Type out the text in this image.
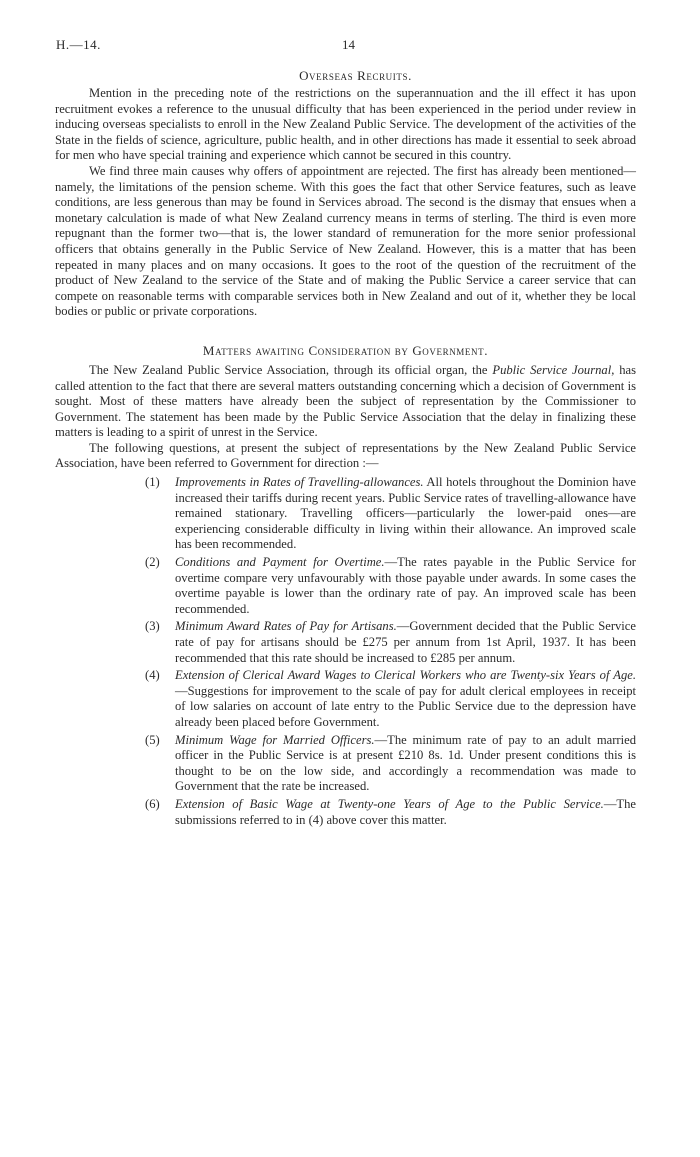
H.—14.	14
Overseas Recruits.

Mention in the preceding note of the restrictions on the superannuation and the ill effect it has upon recruitment evokes a reference to the unusual difficulty that has been experienced in the period under review in inducing overseas specialists to enroll in the New Zealand Public Service. The development of the activities of the State in the fields of science, agriculture, public health, and in other directions has made it essential to seek abroad for men who have special training and experience which cannot be secured in this country.

We find three main causes why offers of appointment are rejected. The first has already been mentioned—namely, the limitations of the pension scheme. With this goes the fact that other Service features, such as leave conditions, are less generous than may be found in Services abroad. The second is the dismay that ensues when a monetary calculation is made of what New Zealand currency means in terms of sterling. The third is even more repugnant than the former two—that is, the lower standard of remuneration for the more senior professional officers that obtains generally in the Public Service of New Zealand. However, this is a matter that has been repeated in many places and on many occasions. It goes to the root of the question of the recruitment of the product of New Zealand to the service of the State and of making the Public Service a career service that can compete on reasonable terms with comparable services both in New Zealand and out of it, whether they be local bodies or public or private corporations.

Matters awaiting Consideration by Government.

The New Zealand Public Service Association, through its official organ, the Public Service Journal, has called attention to the fact that there are several matters outstanding concerning which a decision of Government is sought. Most of these matters have already been the subject of representation by the Commissioner to Government. The statement has been made by the Public Service Association that the delay in finalizing these matters is leading to a spirit of unrest in the Service.

The following questions, at present the subject of representations by the New Zealand Public Service Association, have been referred to Government for direction :—

(1) Improvements in Rates of Travelling-allowances. All hotels throughout the Dominion have increased their tariffs during recent years. Public Service rates of travelling-allowance have remained stationary. Travelling officers—particularly the lower-paid ones—are experiencing considerable difficulty in living within their allowance. An improved scale has been recommended.
(2) Conditions and Payment for Overtime.—The rates payable in the Public Service for overtime compare very unfavourably with those payable under awards. In some cases the overtime payable is lower than the ordinary rate of pay. An improved scale has been recommended.
(3) Minimum Award Rates of Pay for Artisans.—Government decided that the Public Service rate of pay for artisans should be £275 per annum from 1st April, 1937. It has been recommended that this rate should be increased to £285 per annum.
(4) Extension of Clerical Award Wages to Clerical Workers who are Twenty-six Years of Age.—Suggestions for improvement to the scale of pay for adult clerical employees in receipt of low salaries on account of late entry to the Public Service due to the depression have already been placed before Government.
(5) Minimum Wage for Married Officers.—The minimum rate of pay to an adult married officer in the Public Service is at present £210 8s. 1d. Under present conditions this is thought to be on the low side, and accordingly a recommendation was made to Government that the rate be increased.
(6) Extension of Basic Wage at Twenty-one Years of Age to the Public Service.—The submissions referred to in (4) above cover this matter.
